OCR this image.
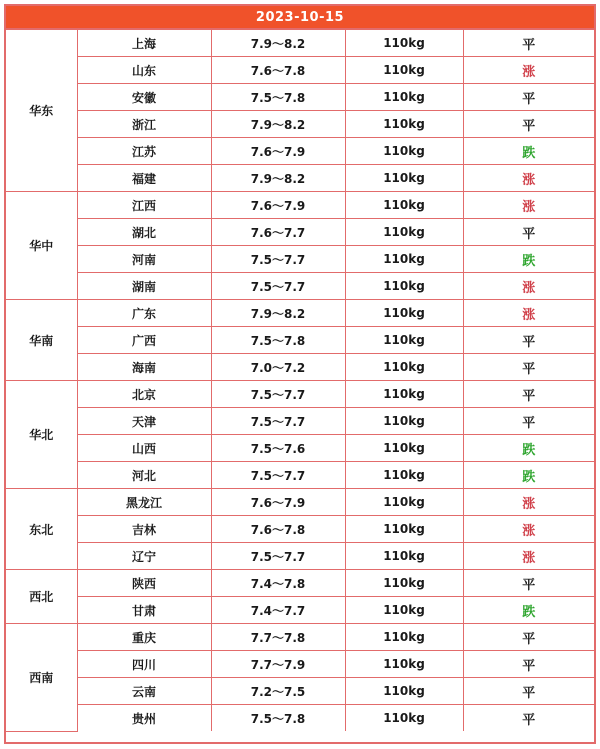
2023-10-15
华东	上海	7.9～8.2	110kg	平
	山东	7.6～7.8	110kg	涨
	安徽	7.5～7.8	110kg	平
	浙江	7.9～8.2	110kg	平
	江苏	7.6～7.9	110kg	跌
	福建	7.9～8.2	110kg	涨
华中	江西	7.6～7.9	110kg	涨
	湖北	7.6～7.7	110kg	平
	河南	7.5～7.7	110kg	跌
	湖南	7.5～7.7	110kg	涨
华南	广东	7.9～8.2	110kg	涨
	广西	7.5～7.8	110kg	平
	海南	7.0～7.2	110kg	平
华北	北京	7.5～7.7	110kg	平
	天津	7.5～7.7	110kg	平
	山西	7.5～7.6	110kg	跌
	河北	7.5～7.7	110kg	跌
东北	黑龙江	7.6～7.9	110kg	涨
	吉林	7.6～7.8	110kg	涨
	辽宁	7.5～7.7	110kg	涨
西北	陕西	7.4～7.8	110kg	平
	甘肃	7.4～7.7	110kg	跌
西南	重庆	7.7～7.8	110kg	平
	四川	7.7～7.9	110kg	平
	云南	7.2～7.5	110kg	平
	贵州	7.5～7.8	110kg	平
